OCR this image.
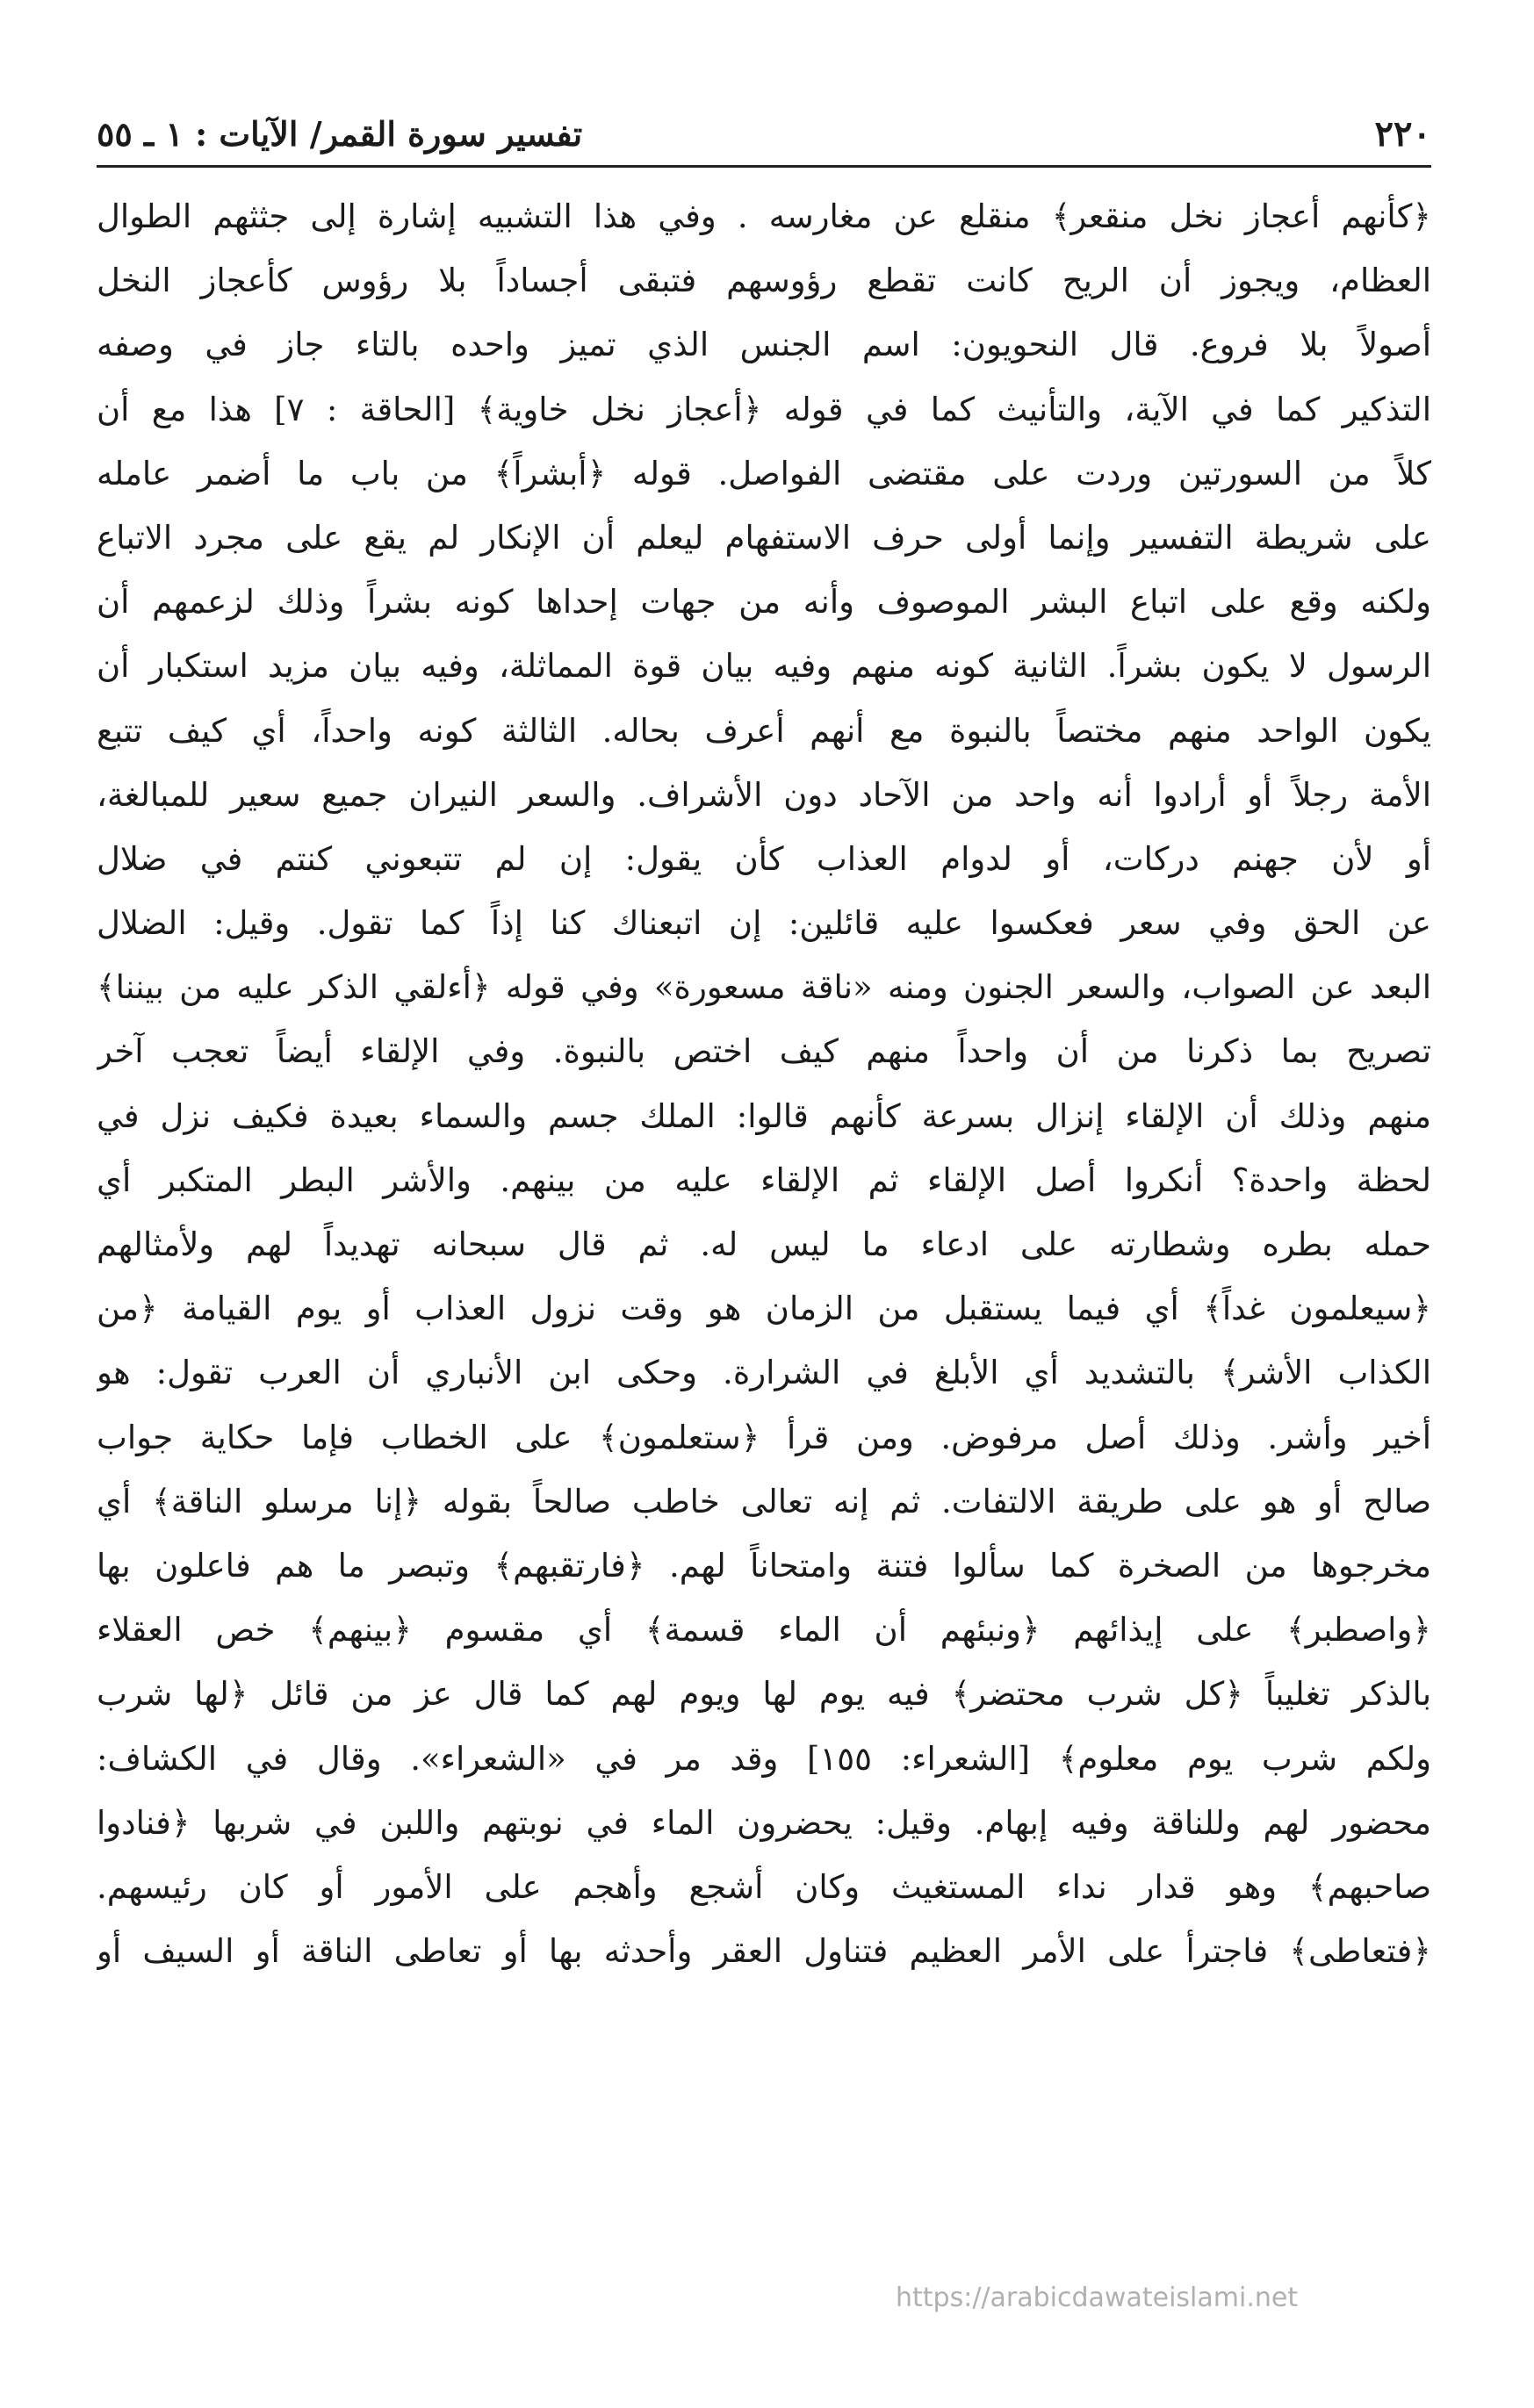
٢٢٠
تفسير سورة القمر/ الآيات : ١ ـ ٥٥
﴿كأنهم أعجاز نخل منقعر﴾ منقلع عن مغارسه . وفي هذا التشبيه إشارة إلى جثثهم الطوال
العظام، ويجوز أن الريح كانت تقطع رؤوسهم فتبقى أجساداً بلا رؤوس كأعجاز النخل
أصولاً بلا فروع. قال النحويون: اسم الجنس الذي تميز واحده بالتاء جاز في وصفه
التذكير كما في الآية، والتأنيث كما في قوله ﴿أعجاز نخل خاوية﴾ [الحاقة : ٧] هذا مع أن
كلاً من السورتين وردت على مقتضى الفواصل. قوله ﴿أبشراً﴾ من باب ما أضمر عامله
على شريطة التفسير وإنما أولى حرف الاستفهام ليعلم أن الإنكار لم يقع على مجرد الاتباع
ولكنه وقع على اتباع البشر الموصوف وأنه من جهات إحداها كونه بشراً وذلك لزعمهم أن
الرسول لا يكون بشراً. الثانية كونه منهم وفيه بيان قوة المماثلة، وفيه بيان مزيد استكبار أن
يكون الواحد منهم مختصاً بالنبوة مع أنهم أعرف بحاله. الثالثة كونه واحداً، أي كيف تتبع
الأمة رجلاً أو أرادوا أنه واحد من الآحاد دون الأشراف. والسعر النيران جميع سعير للمبالغة،
أو لأن جهنم دركات، أو لدوام العذاب كأن يقول: إن لم تتبعوني كنتم في ضلال
عن الحق وفي سعر فعكسوا عليه قائلين: إن اتبعناك كنا إذاً كما تقول. وقيل: الضلال
البعد عن الصواب، والسعر الجنون ومنه «ناقة مسعورة» وفي قوله ﴿أءلقي الذكر عليه من بيننا﴾
تصريح بما ذكرنا من أن واحداً منهم كيف اختص بالنبوة. وفي الإلقاء أيضاً تعجب آخر
منهم وذلك أن الإلقاء إنزال بسرعة كأنهم قالوا: الملك جسم والسماء بعيدة فكيف نزل في
لحظة واحدة؟ أنكروا أصل الإلقاء ثم الإلقاء عليه من بينهم. والأشر البطر المتكبر أي
حمله بطره وشطارته على ادعاء ما ليس له. ثم قال سبحانه تهديداً لهم ولأمثالهم
﴿سيعلمون غداً﴾ أي فيما يستقبل من الزمان هو وقت نزول العذاب أو يوم القيامة ﴿من
الكذاب الأشر﴾ بالتشديد أي الأبلغ في الشرارة. وحكى ابن الأنباري أن العرب تقول: هو
أخير وأشر. وذلك أصل مرفوض. ومن قرأ ﴿ستعلمون﴾ على الخطاب فإما حكاية جواب
صالح أو هو على طريقة الالتفات. ثم إنه تعالى خاطب صالحاً بقوله ﴿إنا مرسلو الناقة﴾ أي
مخرجوها من الصخرة كما سألوا فتنة وامتحاناً لهم. ﴿فارتقبهم﴾ وتبصر ما هم فاعلون بها
﴿واصطبر﴾ على إيذائهم ﴿ونبئهم أن الماء قسمة﴾ أي مقسوم ﴿بينهم﴾ خص العقلاء
بالذكر تغليباً ﴿كل شرب محتضر﴾ فيه يوم لها ويوم لهم كما قال عز من قائل ﴿لها شرب
ولكم شرب يوم معلوم﴾ [الشعراء: ١٥٥] وقد مر في «الشعراء». وقال في الكشاف:
محضور لهم وللناقة وفيه إبهام. وقيل: يحضرون الماء في نوبتهم واللبن في شربها ﴿فنادوا
صاحبهم﴾ وهو قدار نداء المستغيث وكان أشجع وأهجم على الأمور أو كان رئيسهم.
﴿فتعاطى﴾ فاجترأ على الأمر العظيم فتناول العقر وأحدثه بها أو تعاطى الناقة أو السيف أو
https://arabicdawateislami.net
